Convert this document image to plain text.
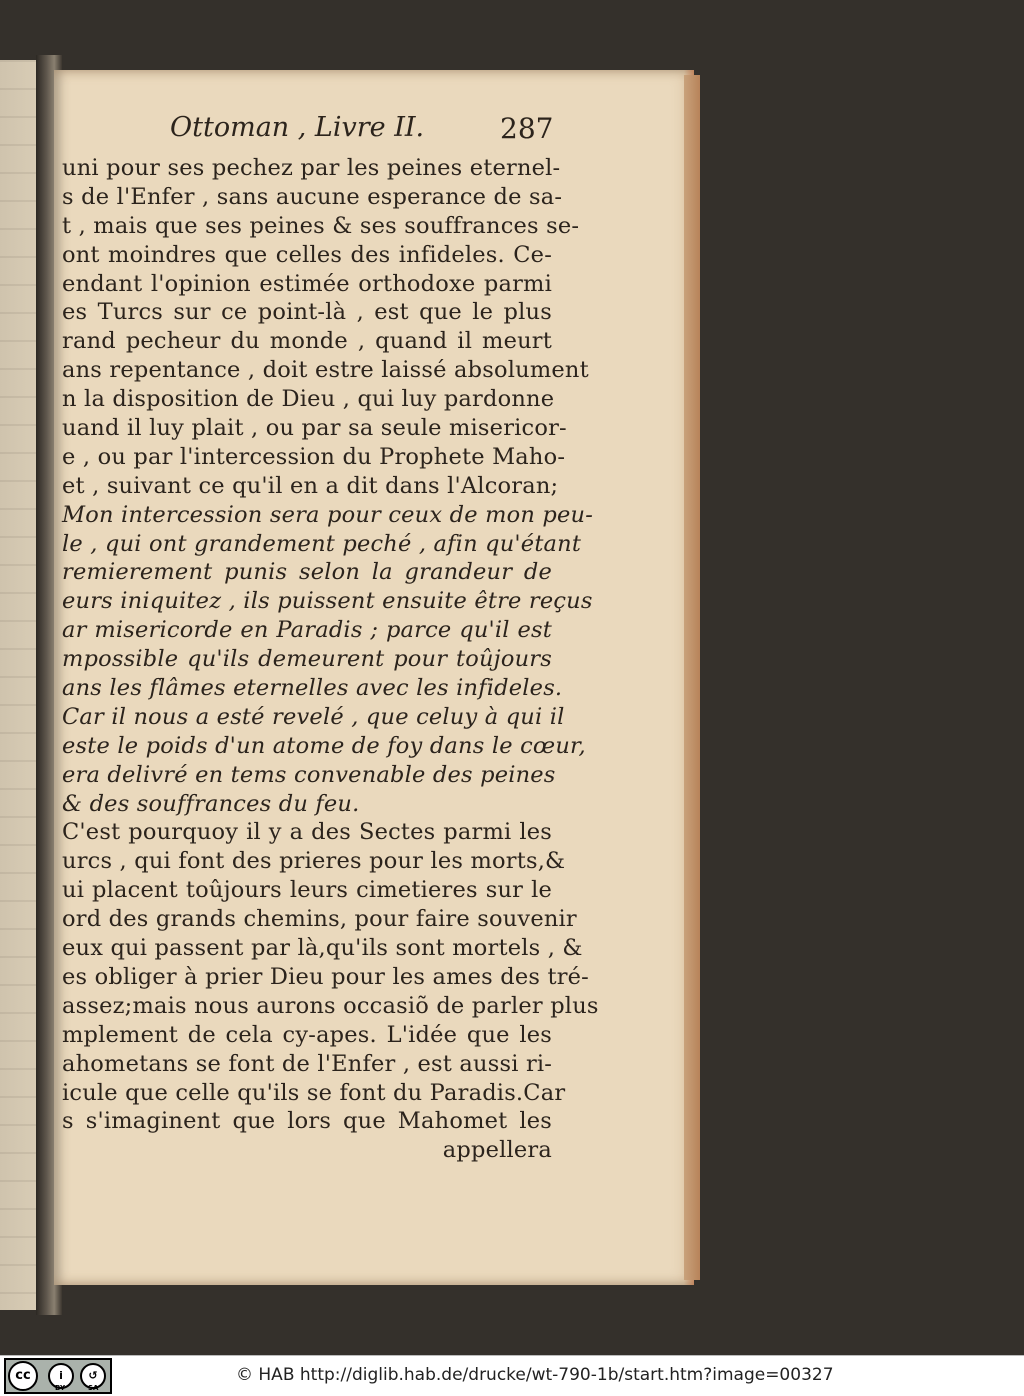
Ottoman , Livre II.	287
uni pour ses pechez par les peines eternel-
s de l'Enfer , sans aucune esperance de sa-
t , mais que ses peines & ses souffrances se-
ont moindres que celles des infideles. Ce-
endant l'opinion estimée orthodoxe parmi
es Turcs sur ce point-là , est que le plus
rand pecheur du monde , quand il meurt
ans repentance , doit estre laissé absolument
n la disposition de Dieu , qui luy pardonne
uand il luy plait , ou par sa seule misericor-
e , ou par l'intercession du Prophete Maho-
et , suivant ce qu'il en a dit dans l'Alcoran;
Mon intercession sera pour ceux de mon peu-
le , qui ont grandement peché , afin qu'étant
remierement punis selon la grandeur de
eurs iniquitez , ils puissent ensuite être reçus
ar misericorde en Paradis ; parce qu'il est
mpossible qu'ils demeurent pour toûjours
ans les flâmes eternelles avec les infideles.
Car il nous a esté revelé , que celuy à qui il
este le poids d'un atome de foy dans le cœur,
era delivré en tems convenable des peines
& des souffrances du feu.
C'est pourquoy il y a des Sectes parmi les
urcs , qui font des prieres pour les morts,&
ui placent toûjours leurs cimetieres sur le
ord des grands chemins, pour faire souvenir
eux qui passent par là,qu'ils sont mortels , &
es obliger à prier Dieu pour les ames des tré-
assez;mais nous aurons occasiõ de parler plus
mplement de cela cy-apes. L'idée que les
ahometans se font de l'Enfer , est aussi ri-
icule que celle qu'ils se font du Paradis.Car
s s'imaginent que lors que Mahomet les
appellera
cc	i	↺
BY	SA
© HAB http://diglib.hab.de/drucke/wt-790-1b/start.htm?image=00327
